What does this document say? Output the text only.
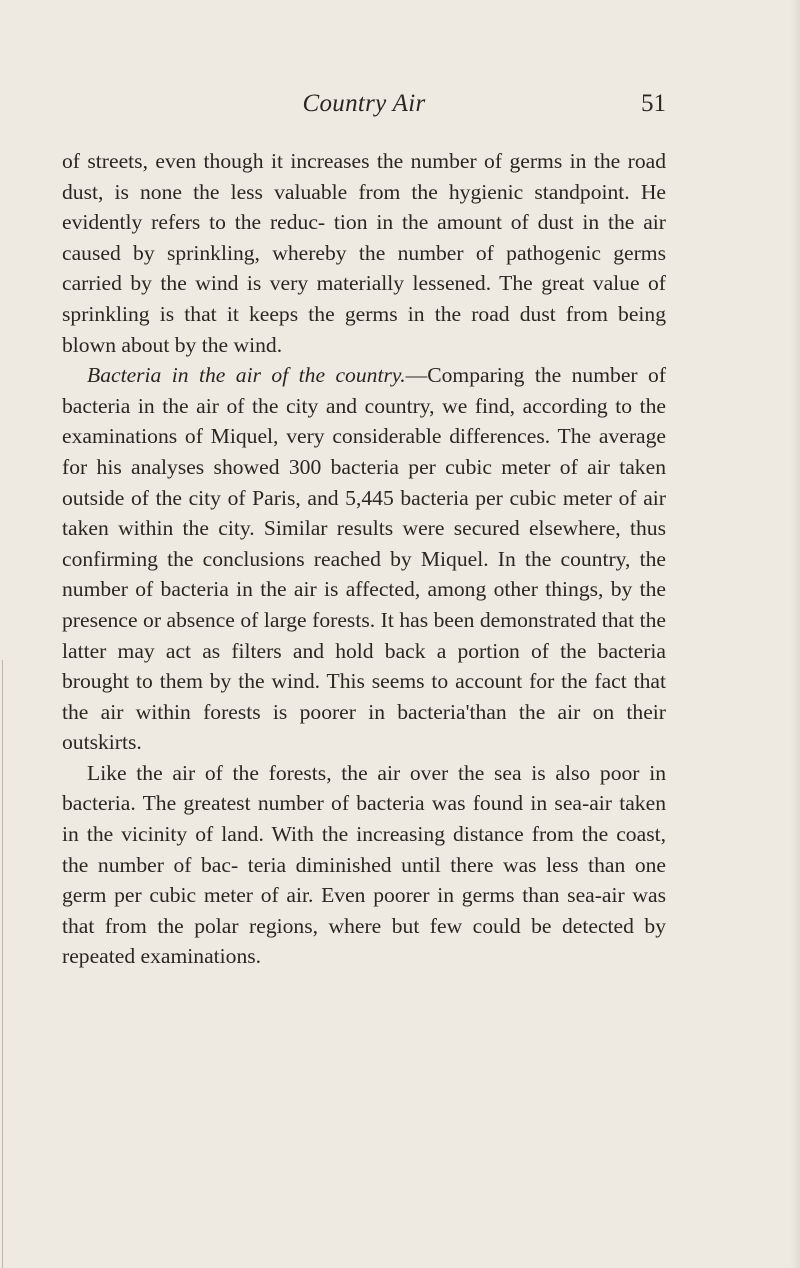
Country Air	51

of streets, even though it increases the number of germs in the road dust, is none the less valuable from the hygienic standpoint. He evidently refers to the reduc- tion in the amount of dust in the air caused by sprinkling, whereby the number of pathogenic germs carried by the wind is very materially lessened. The great value of sprinkling is that it keeps the germs in the road dust from being blown about by the wind.

Bacteria in the air of the country.—Comparing the number of bacteria in the air of the city and country, we find, according to the examinations of Miquel, very considerable differences. The average for his analyses showed 300 bacteria per cubic meter of air taken outside of the city of Paris, and 5,445 bacteria per cubic meter of air taken within the city. Similar results were secured elsewhere, thus confirming the conclusions reached by Miquel. In the country, the number of bacteria in the air is affected, among other things, by the presence or absence of large forests. It has been demonstrated that the latter may act as filters and hold back a portion of the bacteria brought to them by the wind. This seems to account for the fact that the air within forests is poorer in bacteria'than the air on their outskirts.

Like the air of the forests, the air over the sea is also poor in bacteria. The greatest number of bacteria was found in sea-air taken in the vicinity of land. With the increasing distance from the coast, the number of bac- teria diminished until there was less than one germ per cubic meter of air. Even poorer in germs than sea-air was that from the polar regions, where but few could be detected by repeated examinations.
